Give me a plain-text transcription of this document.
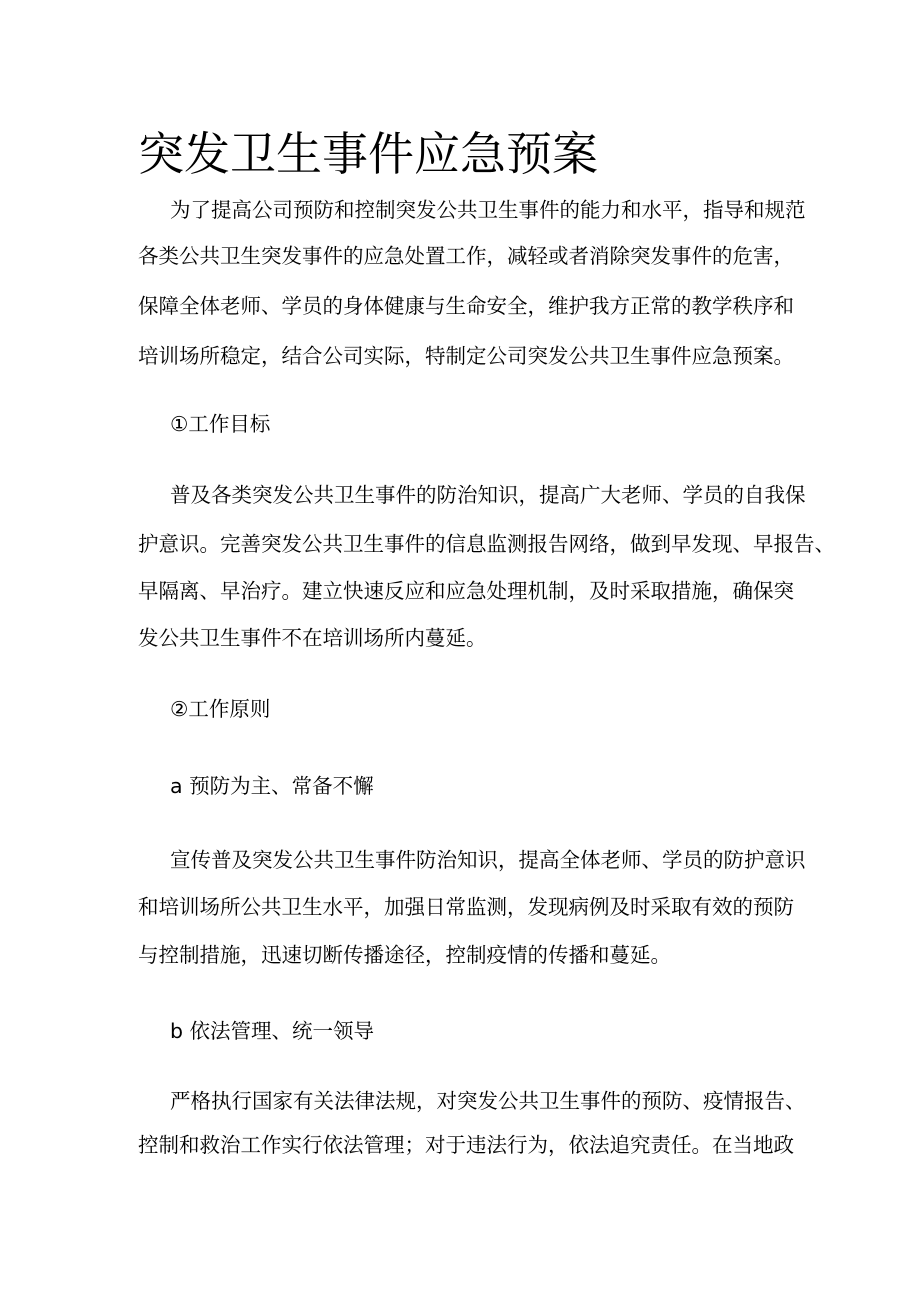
突发卫生事件应急预案

为了提高公司预防和控制突发公共卫生事件的能力和水平，指导和规范

各类公共卫生突发事件的应急处置工作，减轻或者消除突发事件的危害，

保障全体老师、学员的身体健康与生命安全，维护我方正常的教学秩序和

培训场所稳定，结合公司实际，特制定公司突发公共卫生事件应急预案。

①工作目标

普及各类突发公共卫生事件的防治知识，提高广大老师、学员的自我保

护意识。完善突发公共卫生事件的信息监测报告网络，做到早发现、早报告、

早隔离、早治疗。建立快速反应和应急处理机制，及时采取措施，确保突

发公共卫生事件不在培训场所内蔓延。

②工作原则

a 预防为主、常备不懈

宣传普及突发公共卫生事件防治知识，提高全体老师、学员的防护意识

和培训场所公共卫生水平，加强日常监测，发现病例及时采取有效的预防

与控制措施，迅速切断传播途径，控制疫情的传播和蔓延。

b 依法管理、统一领导

严格执行国家有关法律法规，对突发公共卫生事件的预防、疫情报告、

控制和救治工作实行依法管理；对于违法行为，依法追究责任。在当地政
